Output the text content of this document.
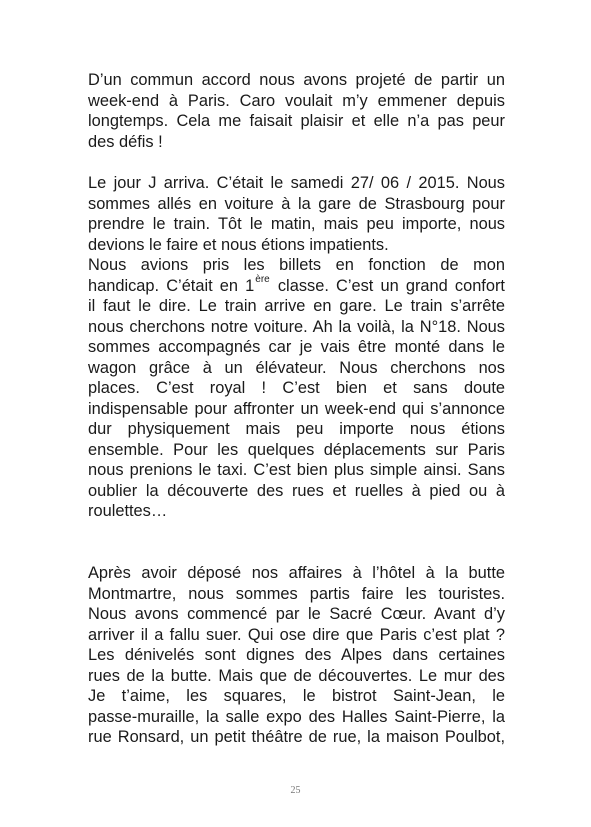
D’un commun accord nous avons projeté de partir un
week-end à Paris. Caro voulait m’y emmener depuis
longtemps. Cela me faisait plaisir et elle n’a pas peur
des défis !
Le jour J arriva. C’était le samedi 27/ 06 / 2015. Nous
sommes allés en voiture à la gare de Strasbourg pour
prendre le train. Tôt le matin, mais peu importe, nous
devions le faire et nous étions impatients.
Nous avions pris les billets en fonction de mon
handicap. C’était en 1ère classe. C’est un grand confort
il faut le dire. Le train arrive en gare. Le train s’arrête
nous cherchons notre voiture. Ah la voilà, la N°18. Nous
sommes accompagnés car je vais être monté dans le
wagon grâce à un élévateur. Nous cherchons nos
places. C’est royal ! C’est bien et sans doute
indispensable pour affronter un week-end qui s’annonce
dur physiquement mais peu importe nous étions
ensemble. Pour les quelques déplacements sur Paris
nous prenions le taxi. C’est bien plus simple ainsi. Sans
oublier la découverte des rues et ruelles à pied ou à
roulettes…
Après avoir déposé nos affaires à l’hôtel à la butte
Montmartre, nous sommes partis faire les touristes.
Nous avons commencé par le Sacré Cœur. Avant d’y
arriver il a fallu suer. Qui ose dire que Paris c’est plat ?
Les dénivelés sont dignes des Alpes dans certaines
rues de la butte. Mais que de découvertes. Le mur des
Je t’aime, les squares, le bistrot Saint-Jean, le
passe-muraille, la salle expo des Halles Saint-Pierre, la
rue Ronsard, un petit théâtre de rue, la maison Poulbot,
25
